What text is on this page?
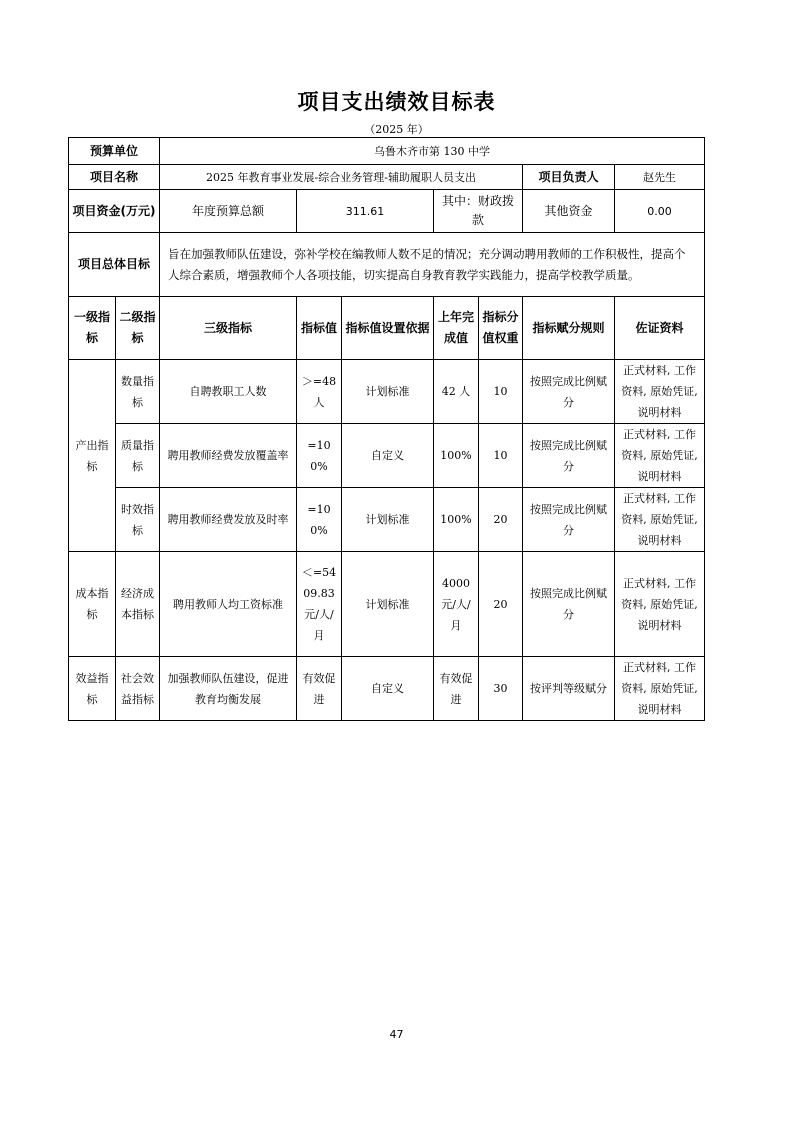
项目支出绩效目标表
（2025 年）
预算单位		乌鲁木齐市第 130 中学						
项目名称		2025 年教育事业发展-综合业务管理-辅助履职人员支出					项目负责人	赵先生
项目资金(万元)		年度预算总额	311.61		其中：财政拨款		其他资金	0.00
项目总体目标		旨在加强教师队伍建设，弥补学校在编教师人数不足的情况；充分调动聘用教师的工作积极性，提高个人综合素质，增强教师个人各项技能，切实提高自身教育教学实践能力，提高学校教学质量。						
一级指标	二级指标	三级指标	指标值	指标值设置依据	上年完成值	指标分值权重	指标赋分规则	佐证资料
产出指标	数量指标	自聘教职工人数	＞=48人	计划标准	42 人	10	按照完成比例赋分	正式材料, 工作资料, 原始凭证, 说明材料
	质量指标	聘用教师经费发放覆盖率	=100%	自定义	100%	10	按照完成比例赋分	正式材料, 工作资料, 原始凭证, 说明材料
	时效指标	聘用教师经费发放及时率	=100%	计划标准	100%	20	按照完成比例赋分	正式材料, 工作资料, 原始凭证, 说明材料
成本指标	经济成本指标	聘用教师人均工资标准	＜=5409.83 元/人/月	计划标准	4000元/人/月	20	按照完成比例赋分	正式材料, 工作资料, 原始凭证, 说明材料
效益指标	社会效益指标	加强教师队伍建设，促进教育均衡发展	有效促进	自定义	有效促进	30	按评判等级赋分	正式材料, 工作资料, 原始凭证, 说明材料
47
